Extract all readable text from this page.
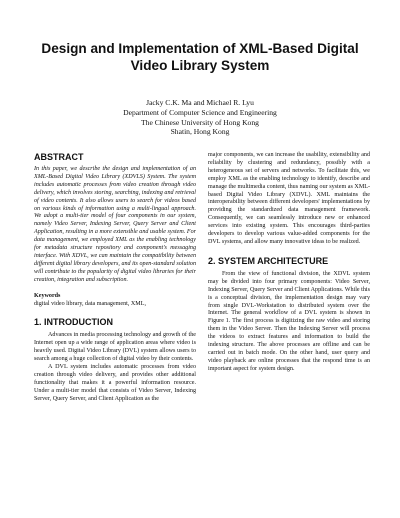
Design and Implementation of XML-Based Digital
Video Library System
Jacky C.K. Ma and Michael R. Lyu
Department of Computer Science and Engineering
The Chinese University of Hong Kong
Shatin, Hong Kong

ABSTRACT

In this paper, we describe the design and implementation of an XML-Based Digital Video Library (XDVLS) System. The system includes automatic processes from video creation through video delivery, which involves storing, searching, indexing and retrieval of video contents. It also allows users to search for videos based on various kinds of information using a multi-lingual approach. We adopt a multi-tier model of four components in our system, namely Video Server, Indexing Server, Query Server and Client Application, resulting in a more extensible and usable system. For data management, we employed XML as the enabling technology for metadata structure repository and component's messaging interface. With XDVL, we can maintain the compatibility between different digital library developers, and its open-standard solution will contribute to the popularity of digital video libraries for their creation, integration and subscription.

Keywords

digital video library, data management, XML,

1. INTRODUCTION

Advances in media processing technology and growth of the Internet open up a wide range of application areas where video is heavily used. Digital Video Library (DVL) system allows users to search among a huge collection of digital video by their contents.

A DVL system includes automatic processes from video creation through video delivery, and provides other additional functionality that makes it a powerful information resource. Under a multi-tier model that consists of Video Server, Indexing Server, Query Server, and Client Application as the

major components, we can increase the usability, extensibility and reliability by clustering and redundancy, possibly with a heterogeneous set of servers and networks. To facilitate this, we employ XML as the enabling technology to identify, describe and manage the multimedia content, thus naming our system as XML-based Digital Video Library (XDVL). XML maintains the interoperability between different developers' implementations by providing the standardized data management framework. Consequently, we can seamlessly introduce new or enhanced services into existing system. This encourages third-parties developers to develop various value-added components for the DVL systems, and allow many innovative ideas to be realized.

2. SYSTEM ARCHITECTURE

From the view of functional division, the XDVL system may be divided into four primary components: Video Server, Indexing Server, Query Server and Client Applications. While this is a conceptual division, the implementation design may vary from single DVL-Workstation to distributed system over the Internet. The general workflow of a DVL system is shown in Figure 1. The first process is digitizing the raw video and storing them in the Video Server. Then the Indexing Server will process the videos to extract features and information to build the indexing structure. The above processes are offline and can be carried out in batch mode. On the other hand, user query and video playback are online processes that the respond time is an important aspect for system design.
